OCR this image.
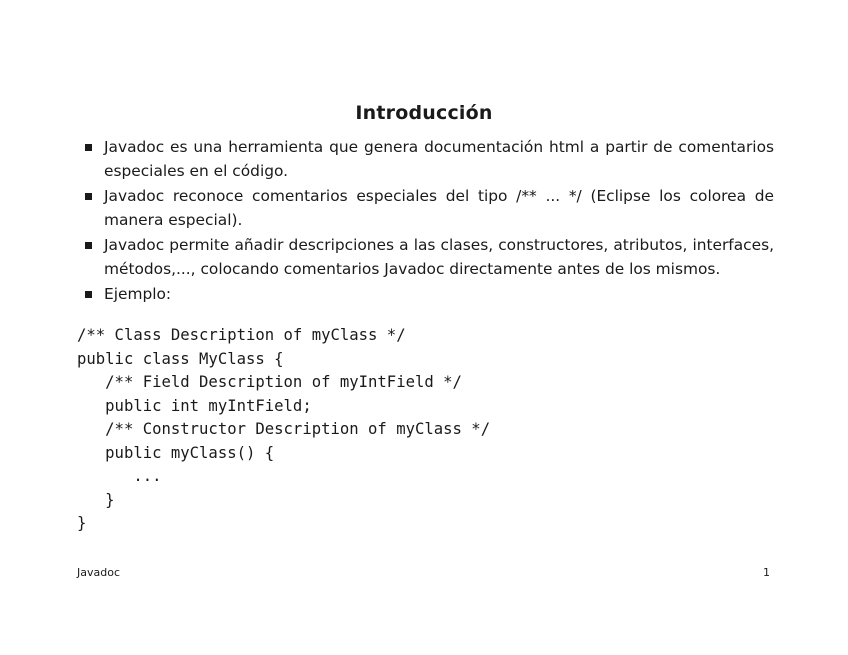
Introducción
Javadoc es una herramienta que genera documentación html a partir de comentarios especiales en el código.
Javadoc reconoce comentarios especiales del tipo /** ... */ (Eclipse los colorea de manera especial).
Javadoc permite añadir descripciones a las clases, constructores, atributos, interfaces, métodos,..., colocando comentarios Javadoc directamente antes de los mismos.
Ejemplo:
/** Class Description of myClass */
public class MyClass {
/** Field Description of myIntField */
public int myIntField;
/** Constructor Description of myClass */
public myClass() {
...
}
}
Javadoc	1
